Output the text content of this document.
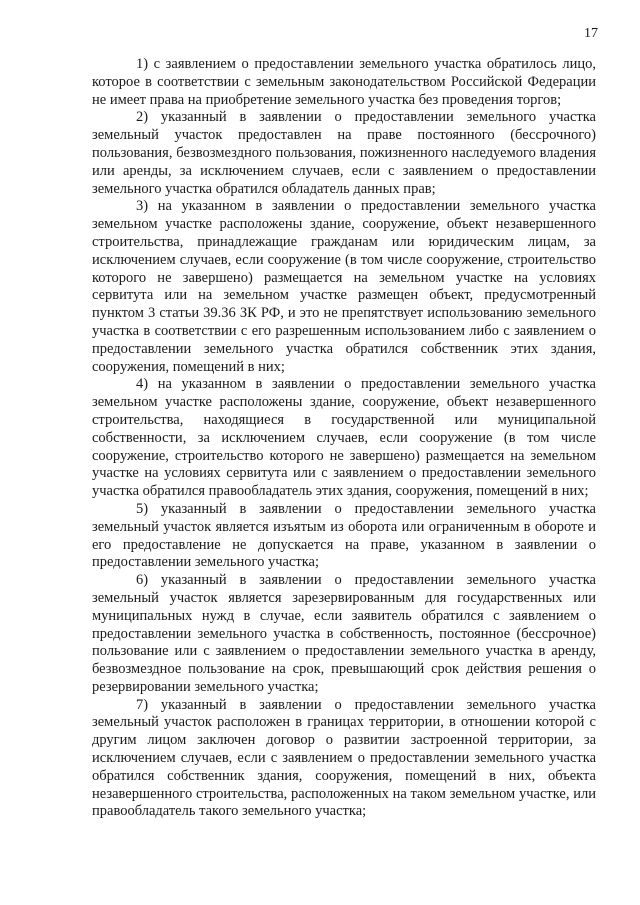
17

1) с заявлением о предоставлении земельного участка обратилось лицо, которое в соответствии с земельным законодательством Российской Федерации не имеет права на приобретение земельного участка без проведения торгов;

2) указанный в заявлении о предоставлении земельного участка земельный участок предоставлен на праве постоянного (бессрочного) пользования, безвозмездного пользования, пожизненного наследуемого владения или аренды, за исключением случаев, если с заявлением о предоставлении земельного участка обратился обладатель данных прав;

3) на указанном в заявлении о предоставлении земельного участка земельном участке расположены здание, сооружение, объект незавершенного строительства, принадлежащие гражданам или юридическим лицам, за исключением случаев, если сооружение (в том числе сооружение, строительство которого не завершено) размещается на земельном участке на условиях сервитута или на земельном участке размещен объект, предусмотренный пунктом 3 статьи 39.36 ЗК РФ, и это не препятствует использованию земельного участка в соответствии с его разрешенным использованием либо с заявлением о предоставлении земельного участка обратился собственник этих здания, сооружения, помещений в них;

4) на указанном в заявлении о предоставлении земельного участка земельном участке расположены здание, сооружение, объект незавершенного строительства, находящиеся в государственной или муниципальной собственности, за исключением случаев, если сооружение (в том числе сооружение, строительство которого не завершено) размещается на земельном участке на условиях сервитута или с заявлением о предоставлении земельного участка обратился правообладатель этих здания, сооружения, помещений в них;

5) указанный в заявлении о предоставлении земельного участка земельный участок является изъятым из оборота или ограниченным в обороте и его предоставление не допускается на праве, указанном в заявлении о предоставлении земельного участка;

6) указанный в заявлении о предоставлении земельного участка земельный участок является зарезервированным для государственных или муниципальных нужд в случае, если заявитель обратился с заявлением о предоставлении земельного участка в собственность, постоянное (бессрочное) пользование или с заявлением о предоставлении земельного участка в аренду, безвозмездное пользование на срок, превышающий срок действия решения о резервировании земельного участка;

7) указанный в заявлении о предоставлении земельного участка земельный участок расположен в границах территории, в отношении которой с другим лицом заключен договор о развитии застроенной территории, за исключением случаев, если с заявлением о предоставлении земельного участка обратился собственник здания, сооружения, помещений в них, объекта незавершенного строительства, расположенных на таком земельном участке, или правообладатель такого земельного участка;
